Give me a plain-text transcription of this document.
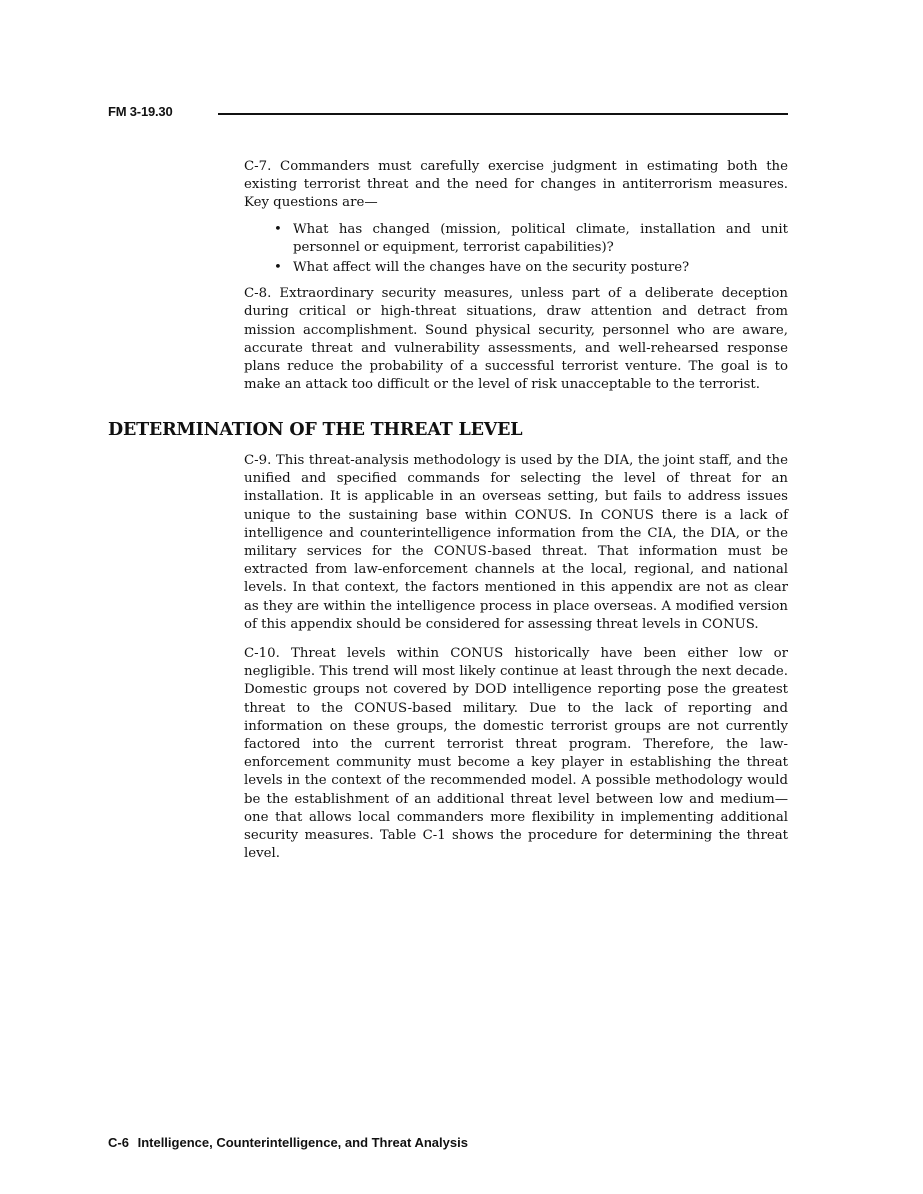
FM 3-19.30

C-7. Commanders must carefully exercise judgment in estimating both the existing terrorist threat and the need for changes in antiterrorism measures. Key questions are—

• What has changed (mission, political climate, installation and unit personnel or equipment, terrorist capabilities)?
• What affect will the changes have on the security posture?

C-8. Extraordinary security measures, unless part of a deliberate deception during critical or high-threat situations, draw attention and detract from mission accomplishment. Sound physical security, personnel who are aware, accurate threat and vulnerability assessments, and well-rehearsed response plans reduce the probability of a successful terrorist venture. The goal is to make an attack too difficult or the level of risk unacceptable to the terrorist.

DETERMINATION OF THE THREAT LEVEL

C-9. This threat-analysis methodology is used by the DIA, the joint staff, and the unified and specified commands for selecting the level of threat for an installation. It is applicable in an overseas setting, but fails to address issues unique to the sustaining base within CONUS. In CONUS there is a lack of intelligence and counterintelligence information from the CIA, the DIA, or the military services for the CONUS-based threat. That information must be extracted from law-enforcement channels at the local, regional, and national levels. In that context, the factors mentioned in this appendix are not as clear as they are within the intelligence process in place overseas. A modified version of this appendix should be considered for assessing threat levels in CONUS.

C-10. Threat levels within CONUS historically have been either low or negligible. This trend will most likely continue at least through the next decade. Domestic groups not covered by DOD intelligence reporting pose the greatest threat to the CONUS-based military. Due to the lack of reporting and information on these groups, the domestic terrorist groups are not currently factored into the current terrorist threat program. Therefore, the law-enforcement community must become a key player in establishing the threat levels in the context of the recommended model. A possible methodology would be the establishment of an additional threat level between low and medium—one that allows local commanders more flexibility in implementing additional security measures. Table C-1 shows the procedure for determining the threat level.

C-6 Intelligence, Counterintelligence, and Threat Analysis
